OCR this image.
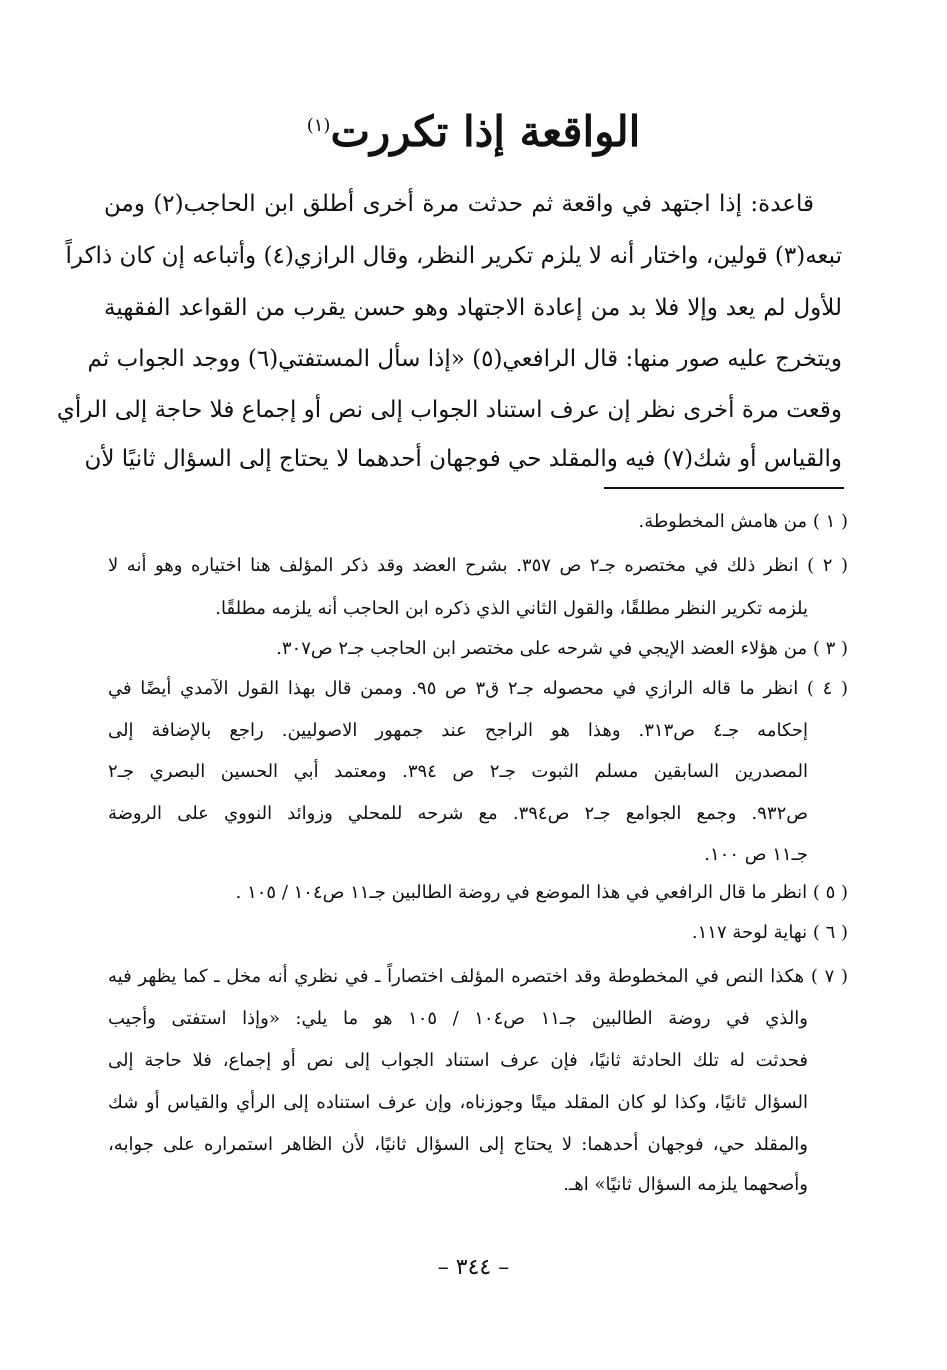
الواقعة إذا تكررت$^{(١)}$
قاعدة: إذا اجتهد في واقعة ثم حدثت مرة أخرى أطلق ابن الحاجب(٢) ومن
تبعه(٣) قولين، واختار أنه لا يلزم تكرير النظر، وقال الرازي(٤) وأتباعه إن كان ذاكراً
للأول لم يعد وإلا فلا بد من إعادة الاجتهاد وهو حسن يقرب من القواعد الفقهية
ويتخرج عليه صور منها: قال الرافعي(٥) «إذا سأل المستفتي(٦) ووجد الجواب ثم
وقعت مرة أخرى نظر إن عرف استناد الجواب إلى نص أو إجماع فلا حاجة إلى الرأي
والقياس أو شك(٧) فيه والمقلد حي فوجهان أحدهما لا يحتاج إلى السؤال ثانيًا لأن
( ١ ) من هامش المخطوطة.
( ٢ ) انظر ذلك في مختصره جـ٢ ص ٣٥٧. بشرح العضد وقد ذكر المؤلف هنا اختياره وهو أنه لا
يلزمه تكرير النظر مطلقًا، والقول الثاني الذي ذكره ابن الحاجب أنه يلزمه مطلقًا.
( ٣ ) من هؤلاء العضد الإيجي في شرحه على مختصر ابن الحاجب جـ٢ ص٣٠٧.
( ٤ ) انظر ما قاله الرازي في محصوله جـ٢ ق٣ ص ٩٥. وممن قال بهذا القول الآمدي أيضًا في
إحكامه جـ٤ ص٣١٣. وهذا هو الراجح عند جمهور الاصوليين. راجع بالإضافة إلى
المصدرين السابقين مسلم الثبوت جـ٢ ص ٣٩٤. ومعتمد أبي الحسين البصري جـ٢
ص٩٣٢. وجمع الجوامع جـ٢ ص٣٩٤. مع شرحه للمحلي وزوائد النووي على الروضة
جـ١١ ص ١٠٠.
( ٥ ) انظر ما قال الرافعي في هذا الموضع في روضة الطالبين جـ١١ ص١٠٤ / ١٠٥ .
( ٦ ) نهاية لوحة ١١٧.
( ٧ ) هكذا النص في المخطوطة وقد اختصره المؤلف اختصاراً ـ في نظري أنه مخل ـ كما يظهر فيه
والذي في روضة الطالبين جـ١١ ص١٠٤ / ١٠٥ هو ما يلي: «وإذا استفتى وأجيب
فحدثت له تلك الحادثة ثانيًا، فإن عرف استناد الجواب إلى نص أو إجماع، فلا حاجة إلى
السؤال ثانيًا، وكذا لو كان المقلد ميتًا وجوزناه، وإن عرف استناده إلى الرأي والقياس أو شك
والمقلد حي، فوجهان أحدهما: لا يحتاج إلى السؤال ثانيًا، لأن الظاهر استمراره على جوابه،
وأصحهما يلزمه السؤال ثانيًا» اهـ.
– ٣٤٤ –
